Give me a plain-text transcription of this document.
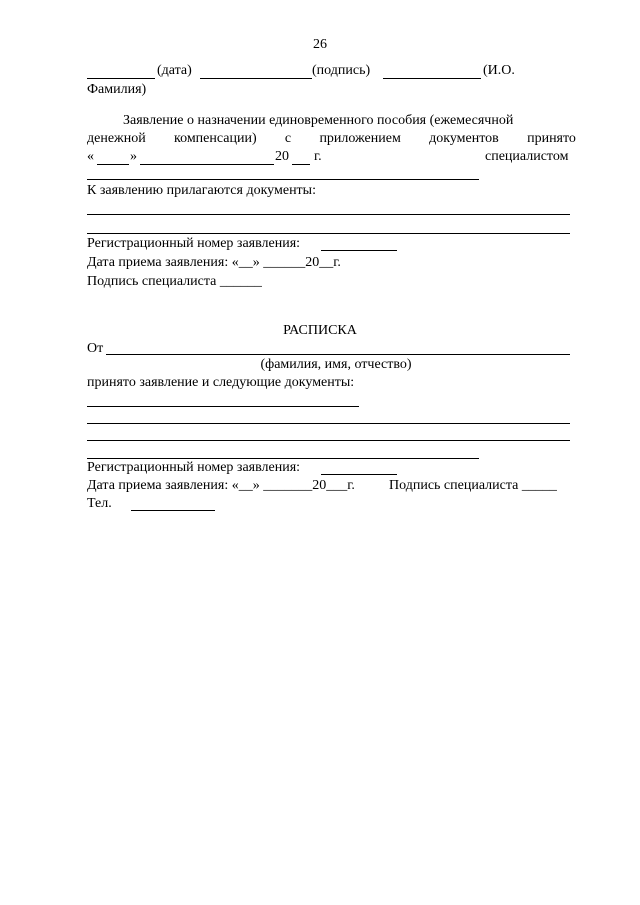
26
(дата)	(подпись)	(И.О.
Фамилия)
Заявление о назначении единовременного пособия (ежемесячной
денежной компенсации) с приложением документов принято
«	»	20 г.	специалистом
К заявлению прилагаются документы:
Регистрационный номер заявления:
Дата приема заявления: «__» ______20__г.
Подпись специалиста ______
РАСПИСКА
От
(фамилия, имя, отчество)
принято заявление и следующие документы:
Регистрационный номер заявления:
Дата приема заявления: «__» _______20___г. Подпись специалиста _____
Тел.
